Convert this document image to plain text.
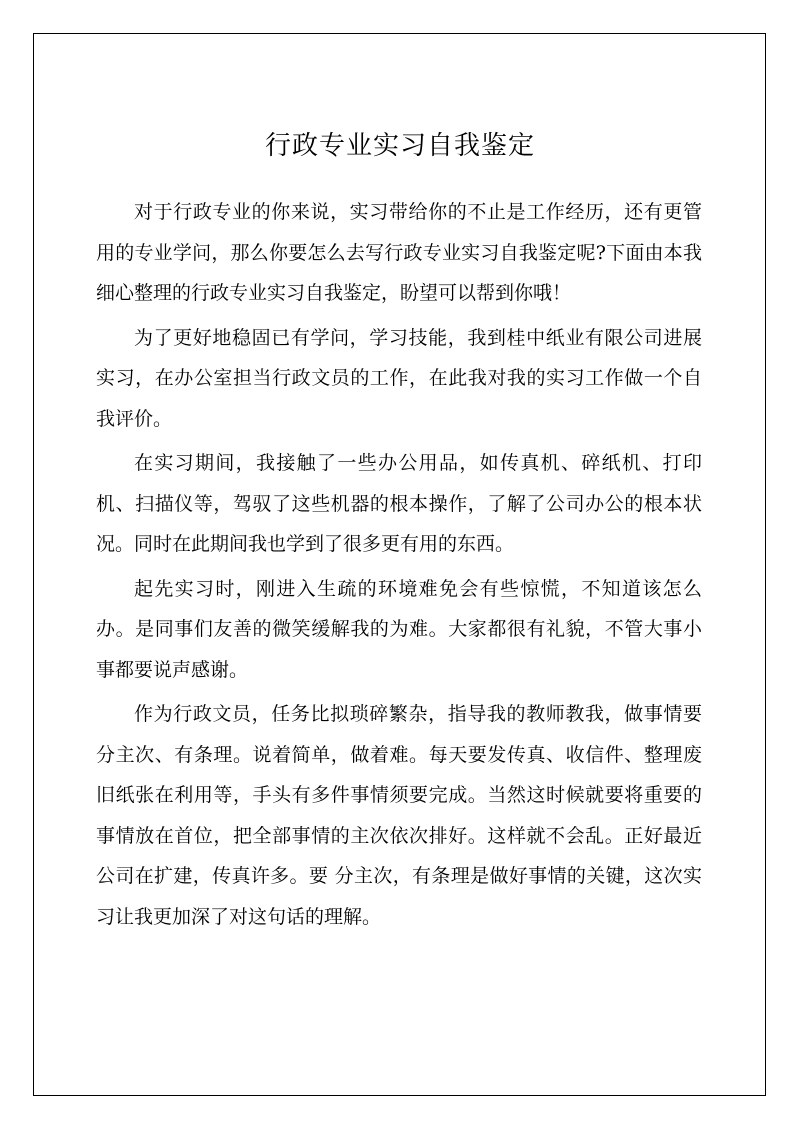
行政专业实习自我鉴定

对于行政专业的你来说，实习带给你的不止是工作经历，还有更管用的专业学问，那么你要怎么去写行政专业实习自我鉴定呢?下面由本我细心整理的行政专业实习自我鉴定，盼望可以帮到你哦！

为了更好地稳固已有学问，学习技能，我到桂中纸业有限公司进展实习，在办公室担当行政文员的工作，在此我对我的实习工作做一个自我评价。

在实习期间，我接触了一些办公用品，如传真机、碎纸机、打印机、扫描仪等，驾驭了这些机器的根本操作，了解了公司办公的根本状况。同时在此期间我也学到了很多更有用的东西。

起先实习时，刚进入生疏的环境难免会有些惊慌，不知道该怎么办。是同事们友善的微笑缓解我的为难。大家都很有礼貌，不管大事小事都要说声感谢。

作为行政文员，任务比拟琐碎繁杂，指导我的教师教我，做事情要分主次、有条理。说着简单，做着难。每天要发传真、收信件、整理废旧纸张在利用等，手头有多件事情须要完成。当然这时候就要将重要的事情放在首位，把全部事情的主次依次排好。这样就不会乱。正好最近公司在扩建，传真许多。要 分主次，有条理是做好事情的关键，这次实习让我更加深了对这句话的理解。
